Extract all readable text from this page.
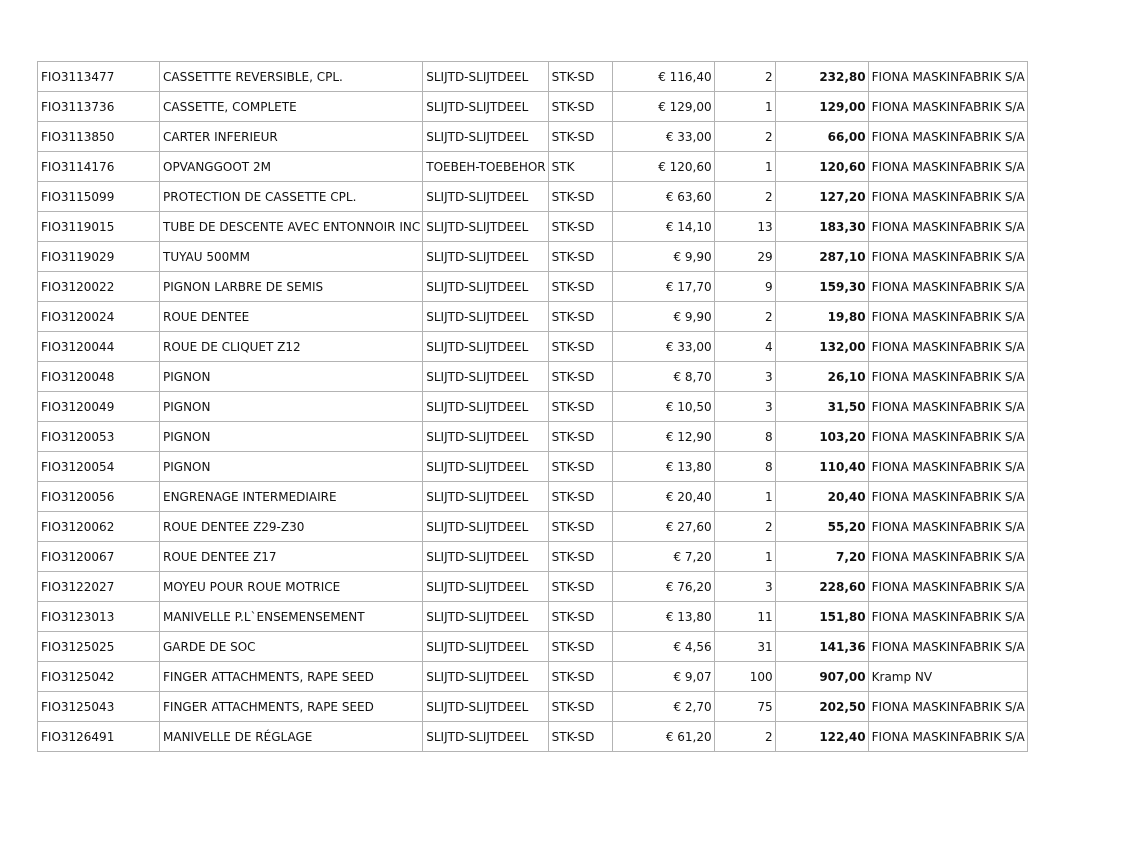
FIO3113477	CASSETTTE REVERSIBLE, CPL.	SLIJTD-SLIJTDEEL	STK-SD	€ 116,40	2	232,80	FIONA MASKINFABRIK S/A
FIO3113736	CASSETTE, COMPLETE	SLIJTD-SLIJTDEEL	STK-SD	€ 129,00	1	129,00	FIONA MASKINFABRIK S/A
FIO3113850	CARTER INFERIEUR	SLIJTD-SLIJTDEEL	STK-SD	€ 33,00	2	66,00	FIONA MASKINFABRIK S/A
FIO3114176	OPVANGGOOT 2M	TOEBEH-TOEBEHOR	STK	€ 120,60	1	120,60	FIONA MASKINFABRIK S/A
FIO3115099	PROTECTION DE CASSETTE CPL.	SLIJTD-SLIJTDEEL	STK-SD	€ 63,60	2	127,20	FIONA MASKINFABRIK S/A
FIO3119015	TUBE DE DESCENTE AVEC ENTONNOIR INC	SLIJTD-SLIJTDEEL	STK-SD	€ 14,10	13	183,30	FIONA MASKINFABRIK S/A
FIO3119029	TUYAU 500MM	SLIJTD-SLIJTDEEL	STK-SD	€ 9,90	29	287,10	FIONA MASKINFABRIK S/A
FIO3120022	PIGNON LARBRE DE SEMIS	SLIJTD-SLIJTDEEL	STK-SD	€ 17,70	9	159,30	FIONA MASKINFABRIK S/A
FIO3120024	ROUE DENTEE	SLIJTD-SLIJTDEEL	STK-SD	€ 9,90	2	19,80	FIONA MASKINFABRIK S/A
FIO3120044	ROUE DE CLIQUET Z12	SLIJTD-SLIJTDEEL	STK-SD	€ 33,00	4	132,00	FIONA MASKINFABRIK S/A
FIO3120048	PIGNON	SLIJTD-SLIJTDEEL	STK-SD	€ 8,70	3	26,10	FIONA MASKINFABRIK S/A
FIO3120049	PIGNON	SLIJTD-SLIJTDEEL	STK-SD	€ 10,50	3	31,50	FIONA MASKINFABRIK S/A
FIO3120053	PIGNON	SLIJTD-SLIJTDEEL	STK-SD	€ 12,90	8	103,20	FIONA MASKINFABRIK S/A
FIO3120054	PIGNON	SLIJTD-SLIJTDEEL	STK-SD	€ 13,80	8	110,40	FIONA MASKINFABRIK S/A
FIO3120056	ENGRENAGE INTERMEDIAIRE	SLIJTD-SLIJTDEEL	STK-SD	€ 20,40	1	20,40	FIONA MASKINFABRIK S/A
FIO3120062	ROUE DENTEE Z29-Z30	SLIJTD-SLIJTDEEL	STK-SD	€ 27,60	2	55,20	FIONA MASKINFABRIK S/A
FIO3120067	ROUE DENTEE Z17	SLIJTD-SLIJTDEEL	STK-SD	€ 7,20	1	7,20	FIONA MASKINFABRIK S/A
FIO3122027	MOYEU POUR ROUE MOTRICE	SLIJTD-SLIJTDEEL	STK-SD	€ 76,20	3	228,60	FIONA MASKINFABRIK S/A
FIO3123013	MANIVELLE P.L`ENSEMENSEMENT	SLIJTD-SLIJTDEEL	STK-SD	€ 13,80	11	151,80	FIONA MASKINFABRIK S/A
FIO3125025	GARDE DE SOC	SLIJTD-SLIJTDEEL	STK-SD	€ 4,56	31	141,36	FIONA MASKINFABRIK S/A
FIO3125042	FINGER ATTACHMENTS, RAPE SEED	SLIJTD-SLIJTDEEL	STK-SD	€ 9,07	100	907,00	Kramp NV
FIO3125043	FINGER ATTACHMENTS, RAPE SEED	SLIJTD-SLIJTDEEL	STK-SD	€ 2,70	75	202,50	FIONA MASKINFABRIK S/A
FIO3126491	MANIVELLE DE RÉGLAGE	SLIJTD-SLIJTDEEL	STK-SD	€ 61,20	2	122,40	FIONA MASKINFABRIK S/A
